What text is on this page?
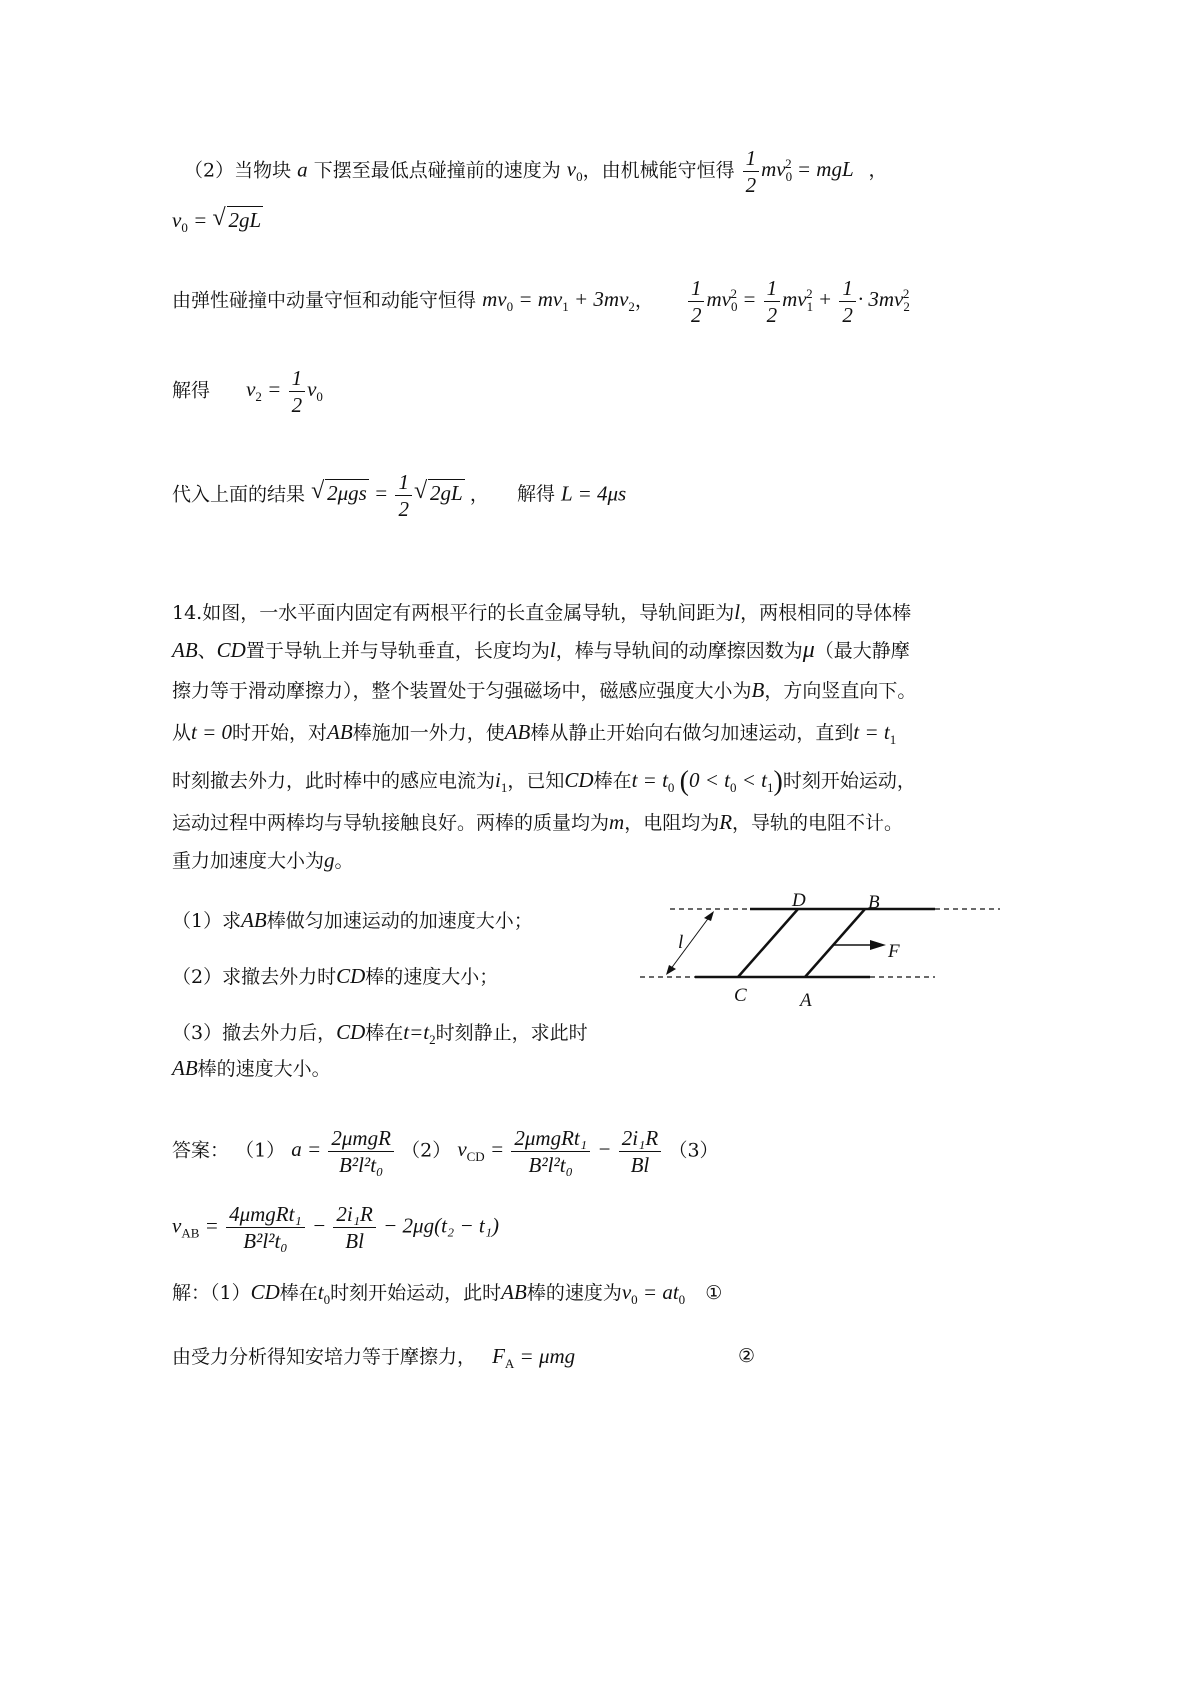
（2）当物块 a 下摆至最低点碰撞前的速度为 $v_0$，由机械能守恒得 $\frac{1}{2} mv_0^2$ = mgL ，
$v_0$ = √ 2gL
由弹性碰撞中动量守恒和动能守恒得 $mv_0 = mv_1 + 3mv_2$， $\frac{1}{2} mv_0^2 = \frac{1}{2} mv_1^2 + \frac{1}{2} \cdot 3mv_2^2$
解得 $v_2 = \frac{1}{2} v_0$
代入上面的结果 √ $2\mu gs = \frac{1}{2}$ √ 2gL ， 解得 L = 4μs
14.如图，一水平面内固定有两根平行的长直金属导轨，导轨间距为l，两根相同的导体棒
AB、CD置于导轨上并与导轨垂直，长度均为l，棒与导轨间的动摩擦因数为μ（最大静摩
擦力等于滑动摩擦力），整个装置处于匀强磁场中，磁感应强度大小为B，方向竖直向下。
从t = 0时开始，对AB棒施加一外力，使AB棒从静止开始向右做匀加速运动，直到$t = t_1$
时刻撤去外力，此时棒中的感应电流为$i_1$，已知CD棒在$t = t_0$ $(0 < t_0 < t_1)$时刻开始运动，
运动过程中两棒均与导轨接触良好。两棒的质量均为m，电阻均为R，导轨的电阻不计。
重力加速度大小为g。
（1）求AB棒做匀加速运动的加速度大小；
（2）求撤去外力时CD棒的速度大小；
（3）撤去外力后，CD棒在$t=t_2$时刻静止，求此时
AB棒的速度大小。
D	B
C	A
F
l
答案： （1） $a = \frac{\text{2μmgR}}{\text{B²l²t₀}} (2) v_{CD} = \frac{\text{2μmgRt₁}}{\text{B²l²t₀}} - \frac{\text{2i₁R}}{Bl} (3)$
$v_{AB} = \frac{\text{4μmgRt₁}}{\text{B²l²t₀}} - \frac{\text{2i₁R}}{Bl} - 2\mu g(t_2 - t_1)$
解：（1）CD棒在$t_0$时刻开始运动，此时AB棒的速度为$v_0 = at_0$ ①
由受力分析得知安培力等于摩擦力， $F_A = \mu mg$	②
